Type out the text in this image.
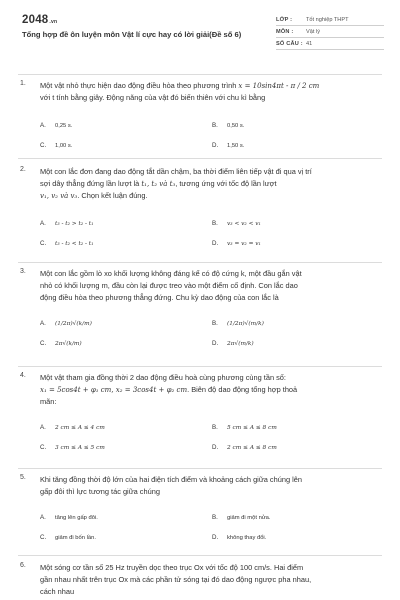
2048.vn
Tổng hợp đề ôn luyện môn Vật lí cực hay có lời giải(Đề số 6)
LỚP : Tốt nghiệp THPT
MÔN : Vật lý
SỐ CÂU : 41
1. Một vật nhỏ thực hiện dao động điều hòa theo phương trình x = 10sin4πt - π / 2 cm
với t tính bằng giây. Động năng của vật đó biến thiên với chu kì bằng
A. 0,25 s.	B. 0,50 s.
C. 1,00 s.	D. 1,50 s.
2. Một con lắc đơn đang dao động tắt dần chậm, ba thời điểm liên tiếp vật đi qua vị trí
sợi dây thẳng đứng lần lượt là t₁, t₂ và t₃, tương ứng với tốc độ lần lượt
v₁, v₂ và v₃. Chọn kết luận đúng.
A. t₃ - t₂ > t₂ - t₁	B. v₃ < v₂ < v₁
C. t₃ - t₂ < t₂ - t₁	D. v₃ = v₂ = v₁
3. Một con lắc gồm lò xo khối lượng không đáng kể có độ cứng k, một đầu gắn vật
nhỏ có khối lượng m, đầu còn lại được treo vào một điểm cố định. Con lắc dao
động điều hòa theo phương thẳng đứng. Chu kỳ dao động của con lắc là
A. (1/2π)√(k/m)	B. (1/2π)√(m/k)
C. 2π√(k/m)	D. 2π√(m/k)
4. Một vật tham gia đồng thời 2 dao động điều hoà cùng phương cùng tần số:
x₁ = 5cos4t + φ₁ cm, x₂ = 3cos4t + φ₂ cm. Biên độ dao động tổng hợp thoả
mãn:
A. 2 cm ≤ A ≤ 4 cm	B. 5 cm ≤ A ≤ 8 cm
C. 3 cm ≤ A ≤ 5 cm	D. 2 cm ≤ A ≤ 8 cm
5. Khi tăng đồng thời độ lớn của hai điện tích điểm và khoảng cách giữa chúng lên
gấp đôi thì lực tương tác giữa chúng
A. tăng lên gấp đôi.	B. giảm đi một nửa.
C. giảm đi bốn lần.	D. không thay đổi.
6. Một sóng cơ tần số 25 Hz truyền dọc theo trục Ox với tốc độ 100 cm/s. Hai điểm
gần nhau nhất trên trục Ox mà các phần tử sóng tại đó dao động ngược pha nhau,
cách nhau
